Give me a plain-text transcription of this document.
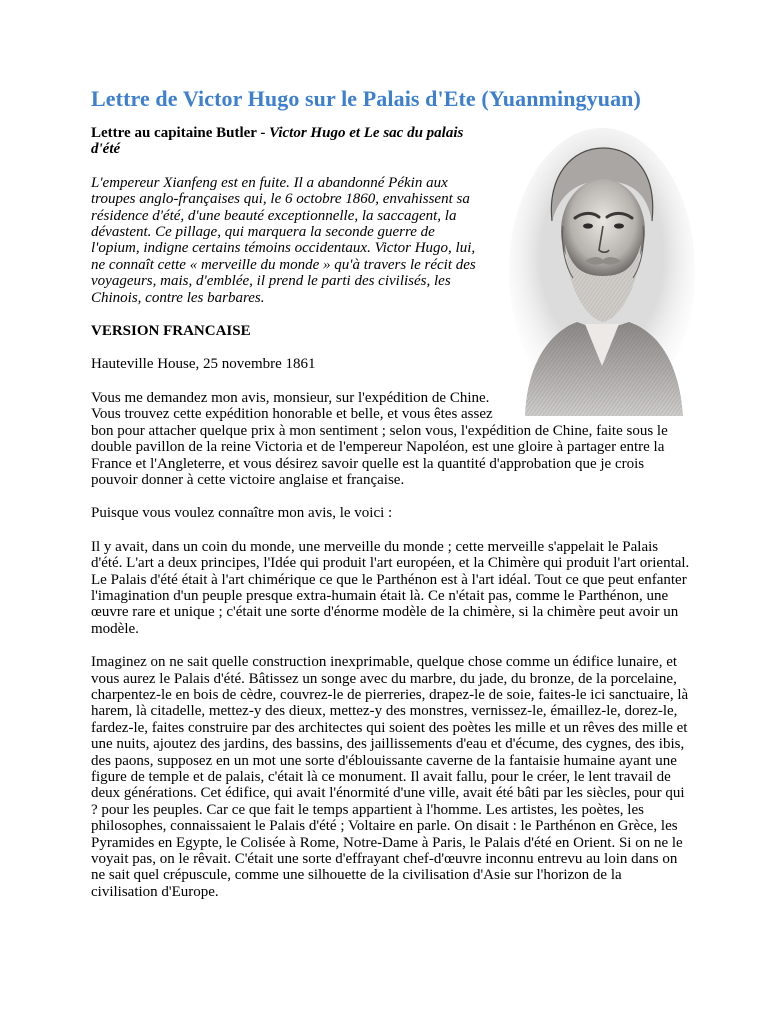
Lettre de Victor Hugo sur le Palais d'Ete (Yuanmingyuan)

Lettre au capitaine Butler - Victor Hugo et Le sac du palais d'été

L'empereur Xianfeng est en fuite. Il a abandonné Pékin aux troupes anglo-françaises qui, le 6 octobre 1860, envahissent sa résidence d'été, d'une beauté exceptionnelle, la saccagent, la dévastent. Ce pillage, qui marquera la seconde guerre de l'opium, indigne certains témoins occidentaux. Victor Hugo, lui, ne connaît cette « merveille du monde » qu'à travers le récit des voyageurs, mais, d'emblée, il prend le parti des civilisés, les Chinois, contre les barbares.

VERSION FRANCAISE

Hauteville House, 25 novembre 1861

Vous me demandez mon avis, monsieur, sur l'expédition de Chine. Vous trouvez cette expédition honorable et belle, et vous êtes assez bon pour attacher quelque prix à mon sentiment ; selon vous, l'expédition de Chine, faite sous le double pavillon de la reine Victoria et de l'empereur Napoléon, est une gloire à partager entre la France et l'Angleterre, et vous désirez savoir quelle est la quantité d'approbation que je crois pouvoir donner à cette victoire anglaise et française.

Puisque vous voulez connaître mon avis, le voici :

Il y avait, dans un coin du monde, une merveille du monde ; cette merveille s'appelait le Palais d'été. L'art a deux principes, l'Idée qui produit l'art européen, et la Chimère qui produit l'art oriental. Le Palais d'été était à l'art chimérique ce que le Parthénon est à l'art idéal. Tout ce que peut enfanter l'imagination d'un peuple presque extra-humain était là. Ce n'était pas, comme le Parthénon, une œuvre rare et unique ; c'était une sorte d'énorme modèle de la chimère, si la chimère peut avoir un modèle.

Imaginez on ne sait quelle construction inexprimable, quelque chose comme un édifice lunaire, et vous aurez le Palais d'été. Bâtissez un songe avec du marbre, du jade, du bronze, de la porcelaine, charpentez-le en bois de cèdre, couvrez-le de pierreries, drapez-le de soie, faites-le ici sanctuaire, là harem, là citadelle, mettez-y des dieux, mettez-y des monstres, vernissez-le, émaillez-le, dorez-le, fardez-le, faites construire par des architectes qui soient des poètes les mille et un rêves des mille et une nuits, ajoutez des jardins, des bassins, des jaillissements d'eau et d'écume, des cygnes, des ibis, des paons, supposez en un mot une sorte d'éblouissante caverne de la fantaisie humaine ayant une figure de temple et de palais, c'était là ce monument. Il avait fallu, pour le créer, le lent travail de deux générations. Cet édifice, qui avait l'énormité d'une ville, avait été bâti par les siècles, pour qui ? pour les peuples. Car ce que fait le temps appartient à l'homme. Les artistes, les poètes, les philosophes, connaissaient le Palais d'été ; Voltaire en parle. On disait : le Parthénon en Grèce, les Pyramides en Egypte, le Colisée à Rome, Notre-Dame à Paris, le Palais d'été en Orient. Si on ne le voyait pas, on le rêvait. C'était une sorte d'effrayant chef-d'œuvre inconnu entrevu au loin dans on ne sait quel crépuscule, comme une silhouette de la civilisation d'Asie sur l'horizon de la civilisation d'Europe.
